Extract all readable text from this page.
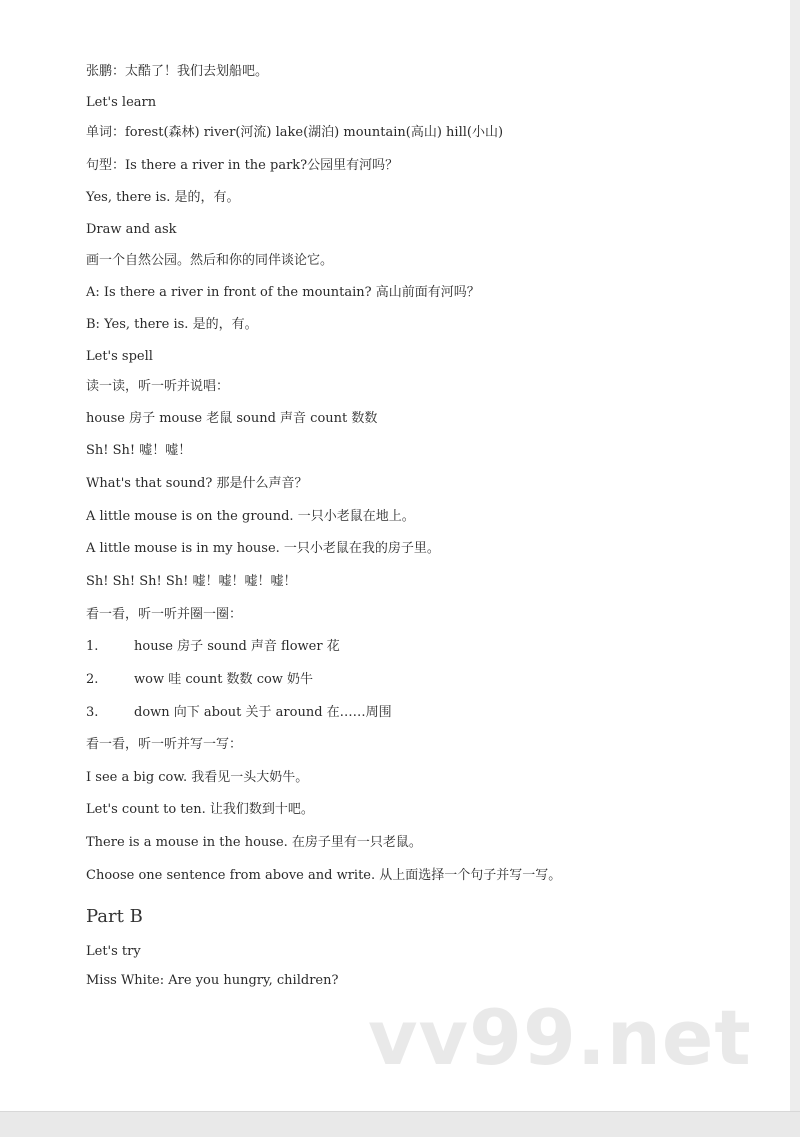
张鹏：太酷了！我们去划船吧。
Let's learn
单词：forest(森林) river(河流) lake(湖泊) mountain(高山) hill(小山)
句型：Is there a river in the park?公园里有河吗？
Yes, there is. 是的，有。
Draw and ask
画一个自然公园。然后和你的同伴谈论它。
A: Is there a river in front of the mountain? 高山前面有河吗？
B: Yes, there is. 是的，有。
Let's spell
读一读，听一听并说唱：
house 房子 mouse 老鼠 sound 声音 count 数数
Sh! Sh! 嘘！嘘！
What's that sound? 那是什么声音？
A little mouse is on the ground. 一只小老鼠在地上。
A little mouse is in my house. 一只小老鼠在我的房子里。
Sh! Sh! Sh! Sh! 嘘！嘘！嘘！嘘！
看一看，听一听并圈一圈：
1.	house 房子 sound 声音 flower 花
2.	wow 哇 count 数数 cow 奶牛
3.	down 向下 about 关于 around 在……周围
看一看，听一听并写一写：
I see a big cow. 我看见一头大奶牛。
Let's count to ten. 让我们数到十吧。
There is a mouse in the house. 在房子里有一只老鼠。
Choose one sentence from above and write. 从上面选择一个句子并写一写。
Part B
Let's try
Miss White: Are you hungry, children?
vv99.net
